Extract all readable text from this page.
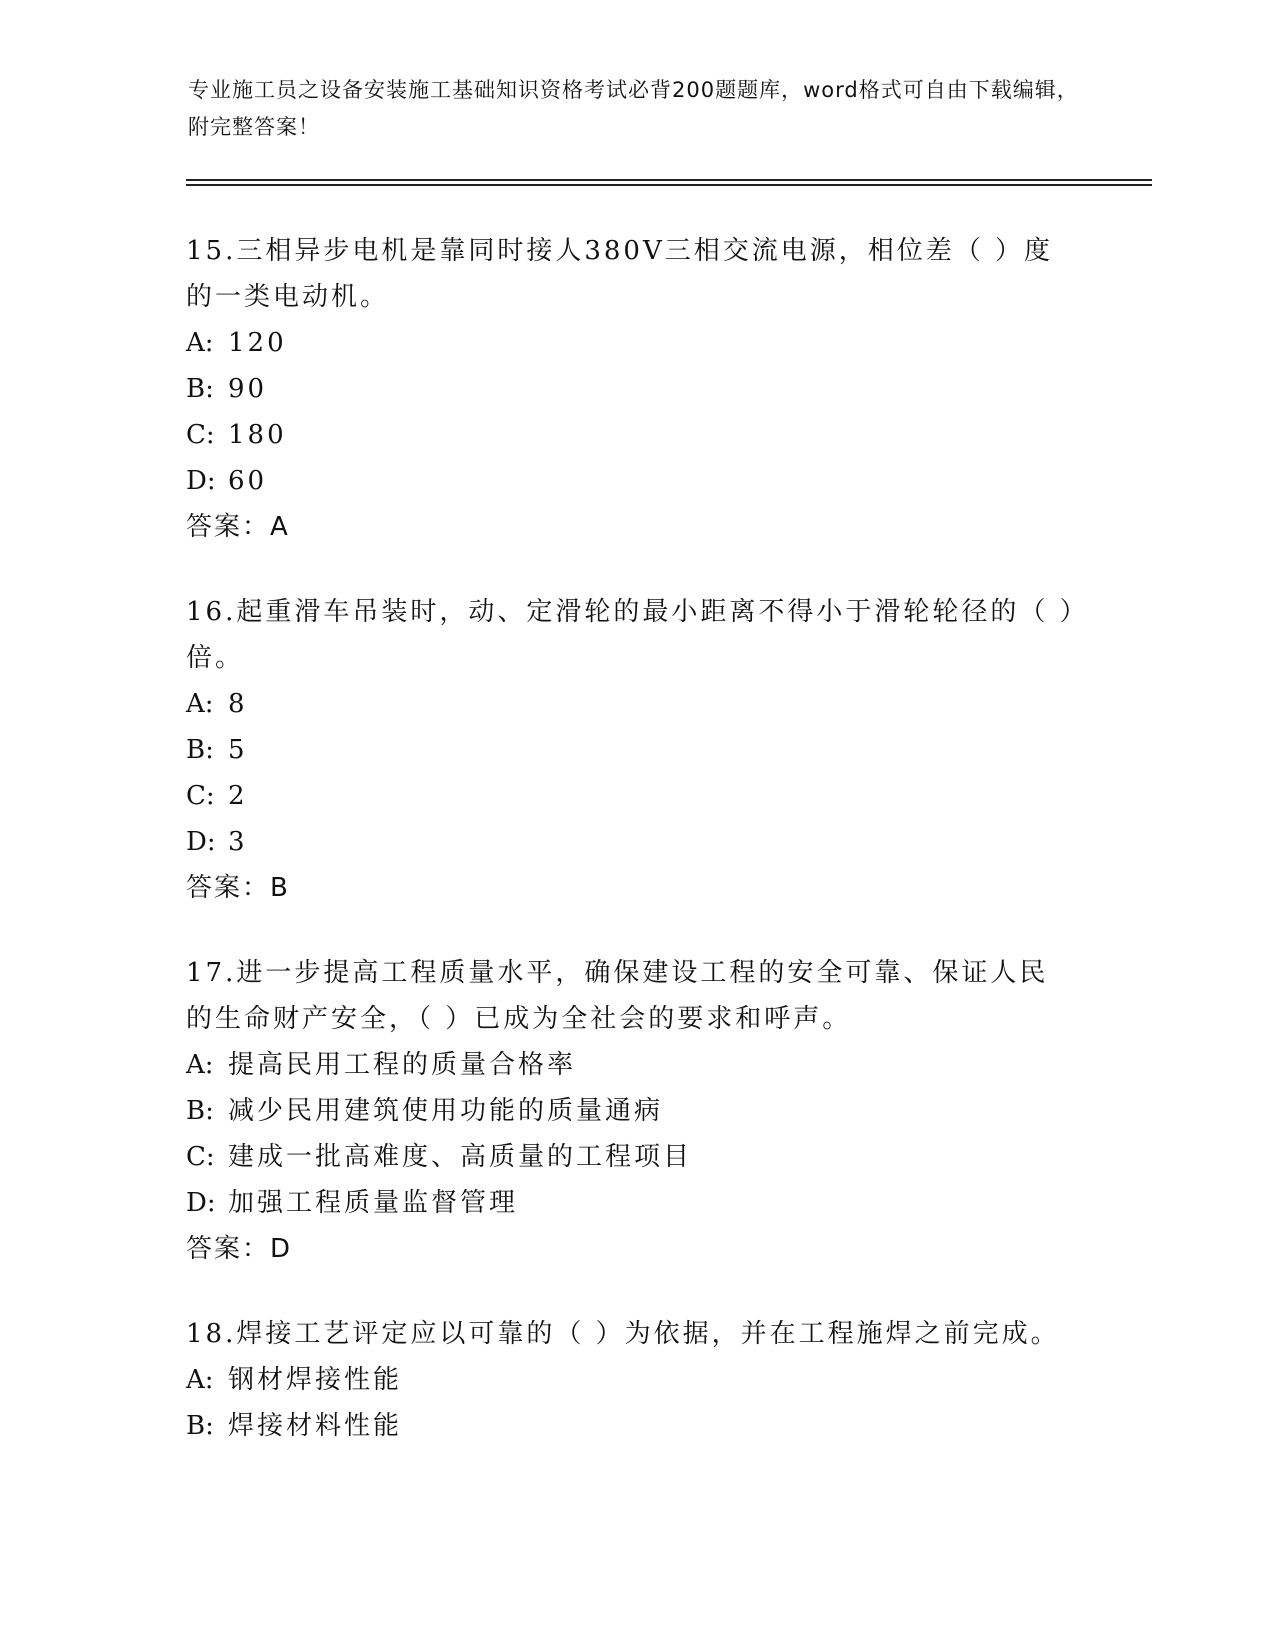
专业施工员之设备安装施工基础知识资格考试必背200题题库，word格式可自由下载编辑，附完整答案！

15.三相异步电机是靠同时接人380V三相交流电源，相位差（ ）度的一类电动机。

A: 120

B: 90

C: 180

D: 60

答案：A

16.起重滑车吊装时，动、定滑轮的最小距离不得小于滑轮轮径的（ ）倍。

A: 8

B: 5

C: 2

D: 3

答案：B

17.进一步提高工程质量水平，确保建设工程的安全可靠、保证人民的生命财产安全，（ ）已成为全社会的要求和呼声。

A: 提高民用工程的质量合格率

B: 减少民用建筑使用功能的质量通病

C: 建成一批高难度、高质量的工程项目

D: 加强工程质量监督管理

答案：D

18.焊接工艺评定应以可靠的（ ）为依据，并在工程施焊之前完成。

A: 钢材焊接性能

B: 焊接材料性能
